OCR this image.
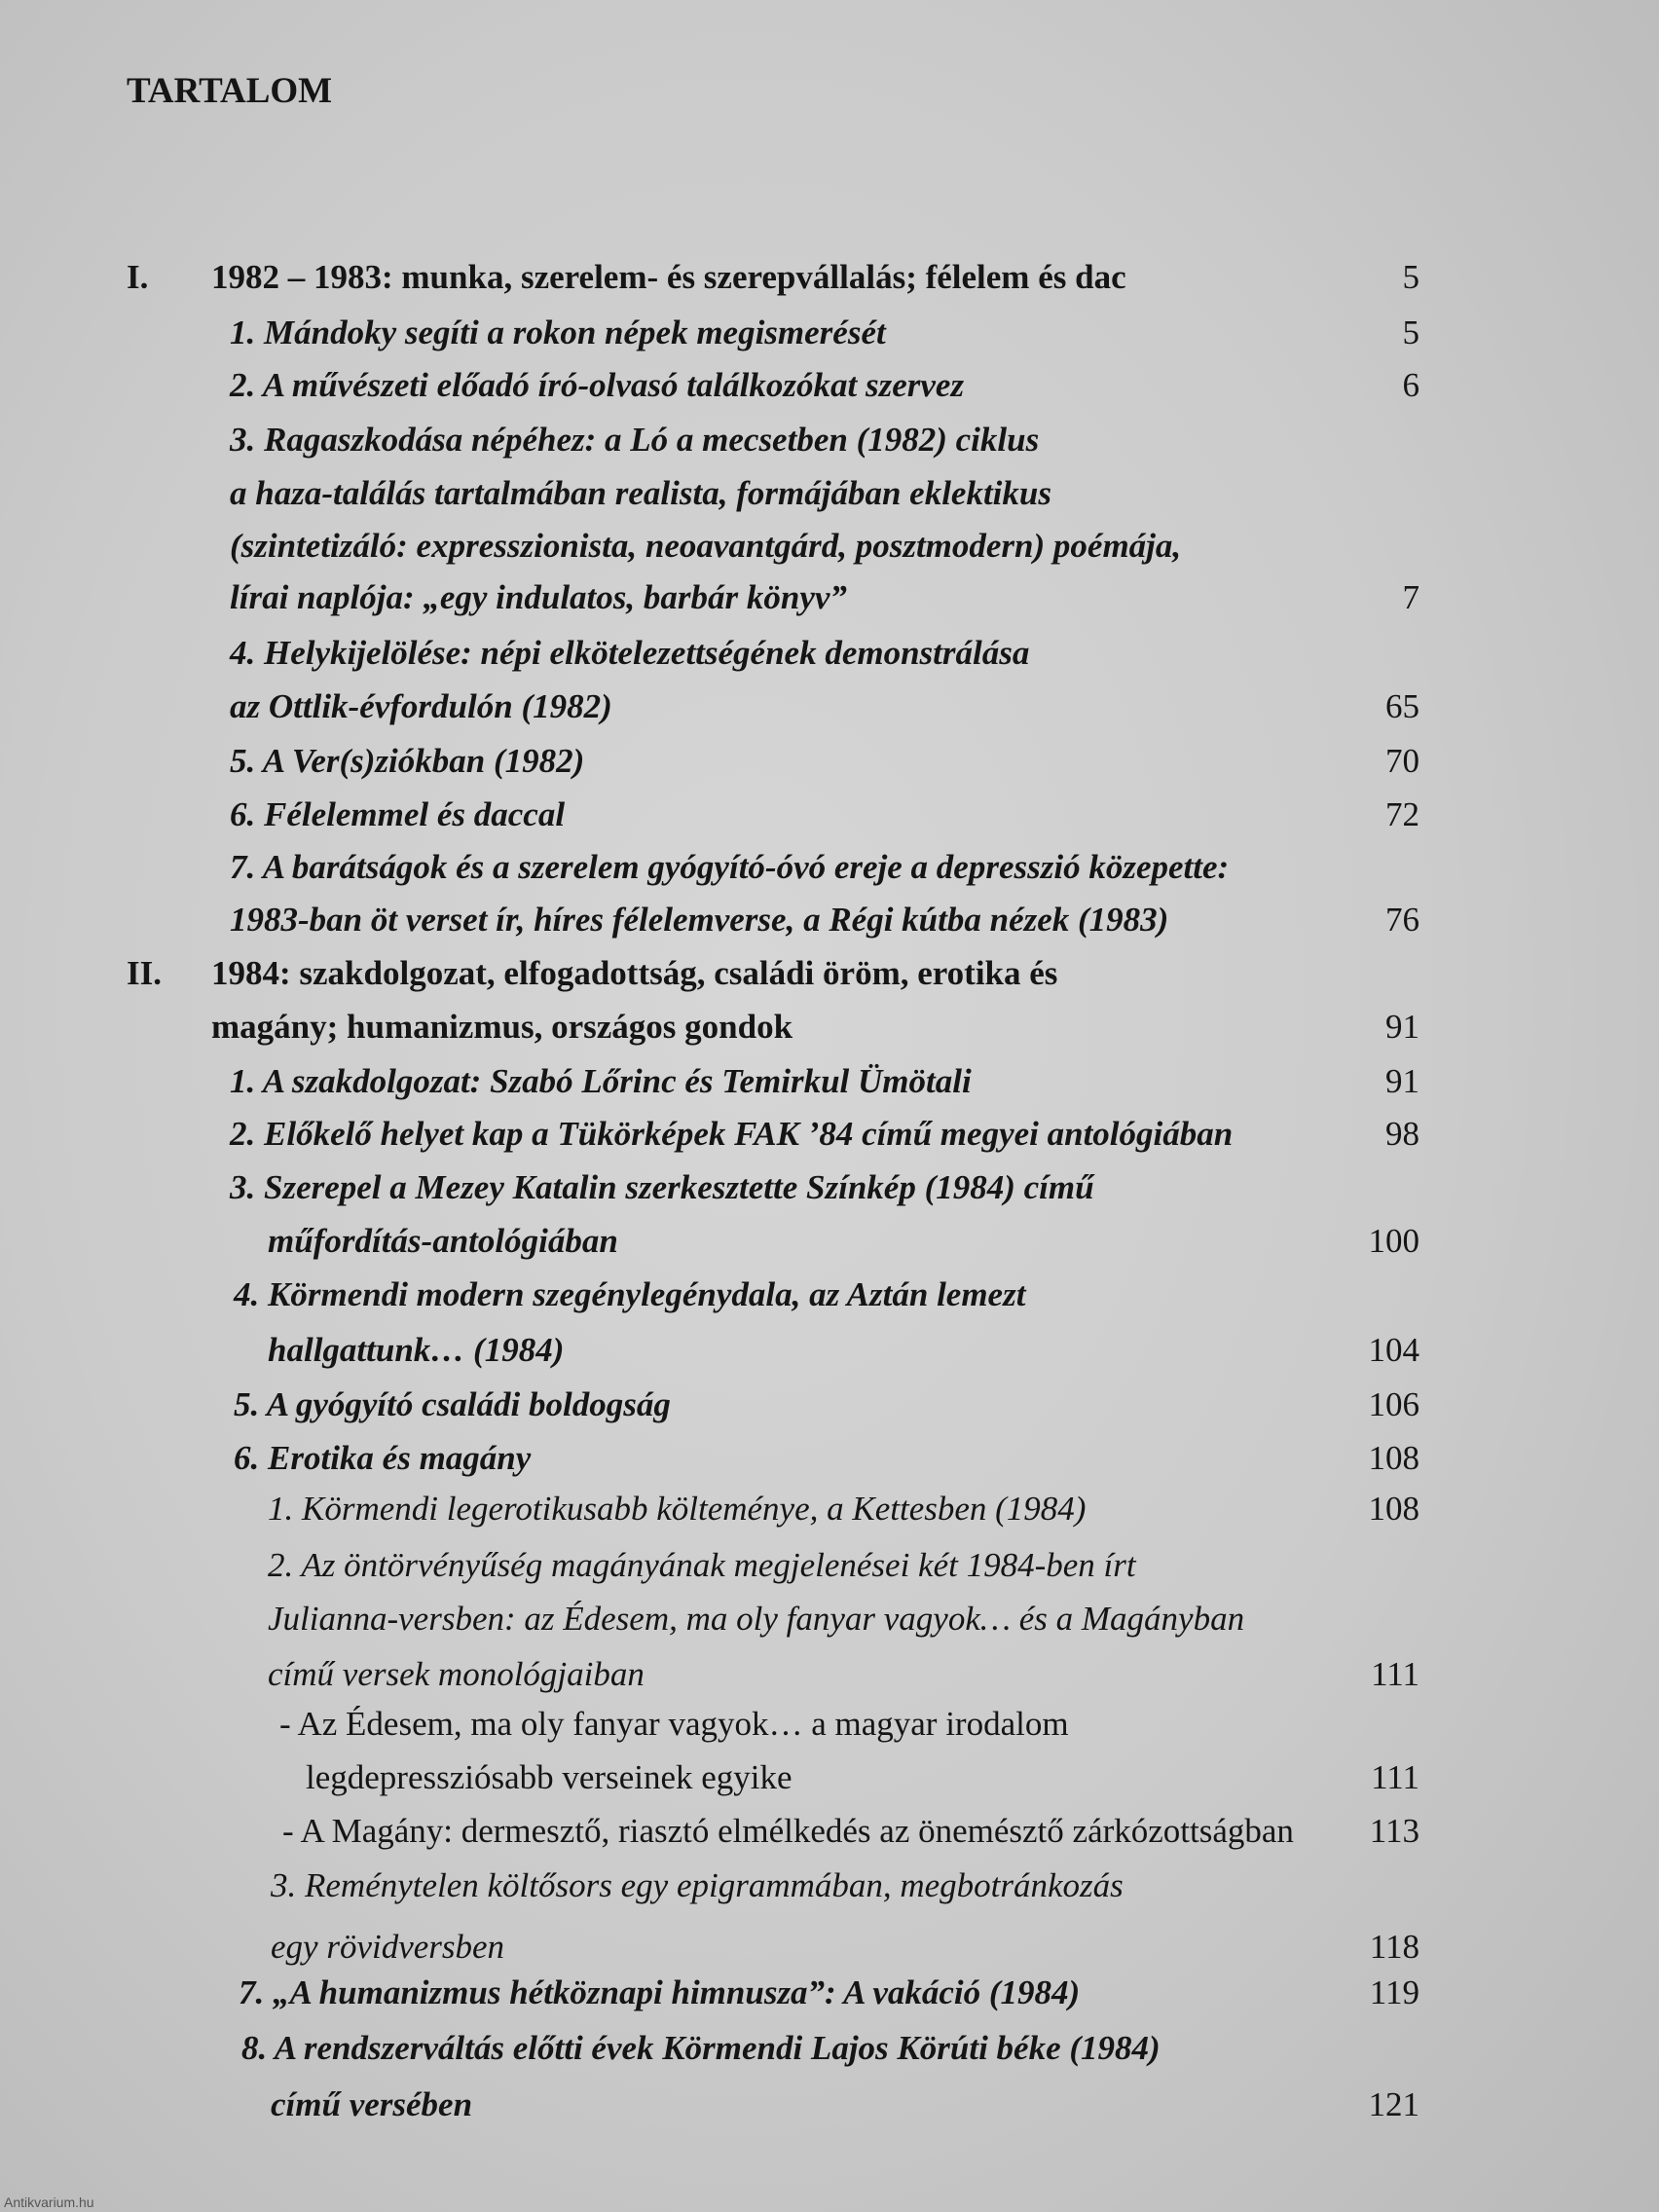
TARTALOM
I. 1982 – 1983: munka, szerelem- és szerepvállalás; félelem és dac	5
1. Mándoky segíti a rokon népek megismerését	5
2. A művészeti előadó író-olvasó találkozókat szervez	6
3. Ragaszkodása népéhez: a Ló a mecsetben (1982) ciklus
a haza-találás tartalmában realista, formájában eklektikus
(szintetizáló: expresszionista, neoavantgárd, posztmodern) poémája,
lírai naplója: „egy indulatos, barbár könyv”	7
4. Helykijelölése: népi elkötelezettségének demonstrálása
az Ottlik-évfordulón (1982)	65
5. A Ver(s)ziókban (1982)	70
6. Félelemmel és daccal	72
7. A barátságok és a szerelem gyógyító-óvó ereje a depresszió közepette:
1983-ban öt verset ír, híres félelemverse, a Régi kútba nézek (1983)	76
II. 1984: szakdolgozat, elfogadottság, családi öröm, erotika és
magány; humanizmus, országos gondok	91
1. A szakdolgozat: Szabó Lőrinc és Temirkul Ümötali	91
2. Előkelő helyet kap a Tükörképek FAK ’84 című megyei antológiában	98
3. Szerepel a Mezey Katalin szerkesztette Színkép (1984) című
műfordítás-antológiában	100
4. Körmendi modern szegénylegénydala, az Aztán lemezt
hallgattunk… (1984)	104
5. A gyógyító családi boldogság	106
6. Erotika és magány	108
1. Körmendi legerotikusabb költeménye, a Kettesben (1984)	108
2. Az öntörvényűség magányának megjelenései két 1984-ben írt
Julianna-versben: az Édesem, ma oly fanyar vagyok… és a Magányban
című versek monológjaiban	111
- Az Édesem, ma oly fanyar vagyok… a magyar irodalom
legdepressziósabb verseinek egyike	111
- A Magány: dermesztő, riasztó elmélkedés az önemésztő zárkózottságban 113
3. Reménytelen költősors egy epigrammában, megbotránkozás
egy rövidversben	118
7. „A humanizmus hétköznapi himnusza”: A vakáció (1984)	119
8. A rendszerváltás előtti évek Körmendi Lajos Körúti béke (1984)
című versében	121
Antikvarium.hu
